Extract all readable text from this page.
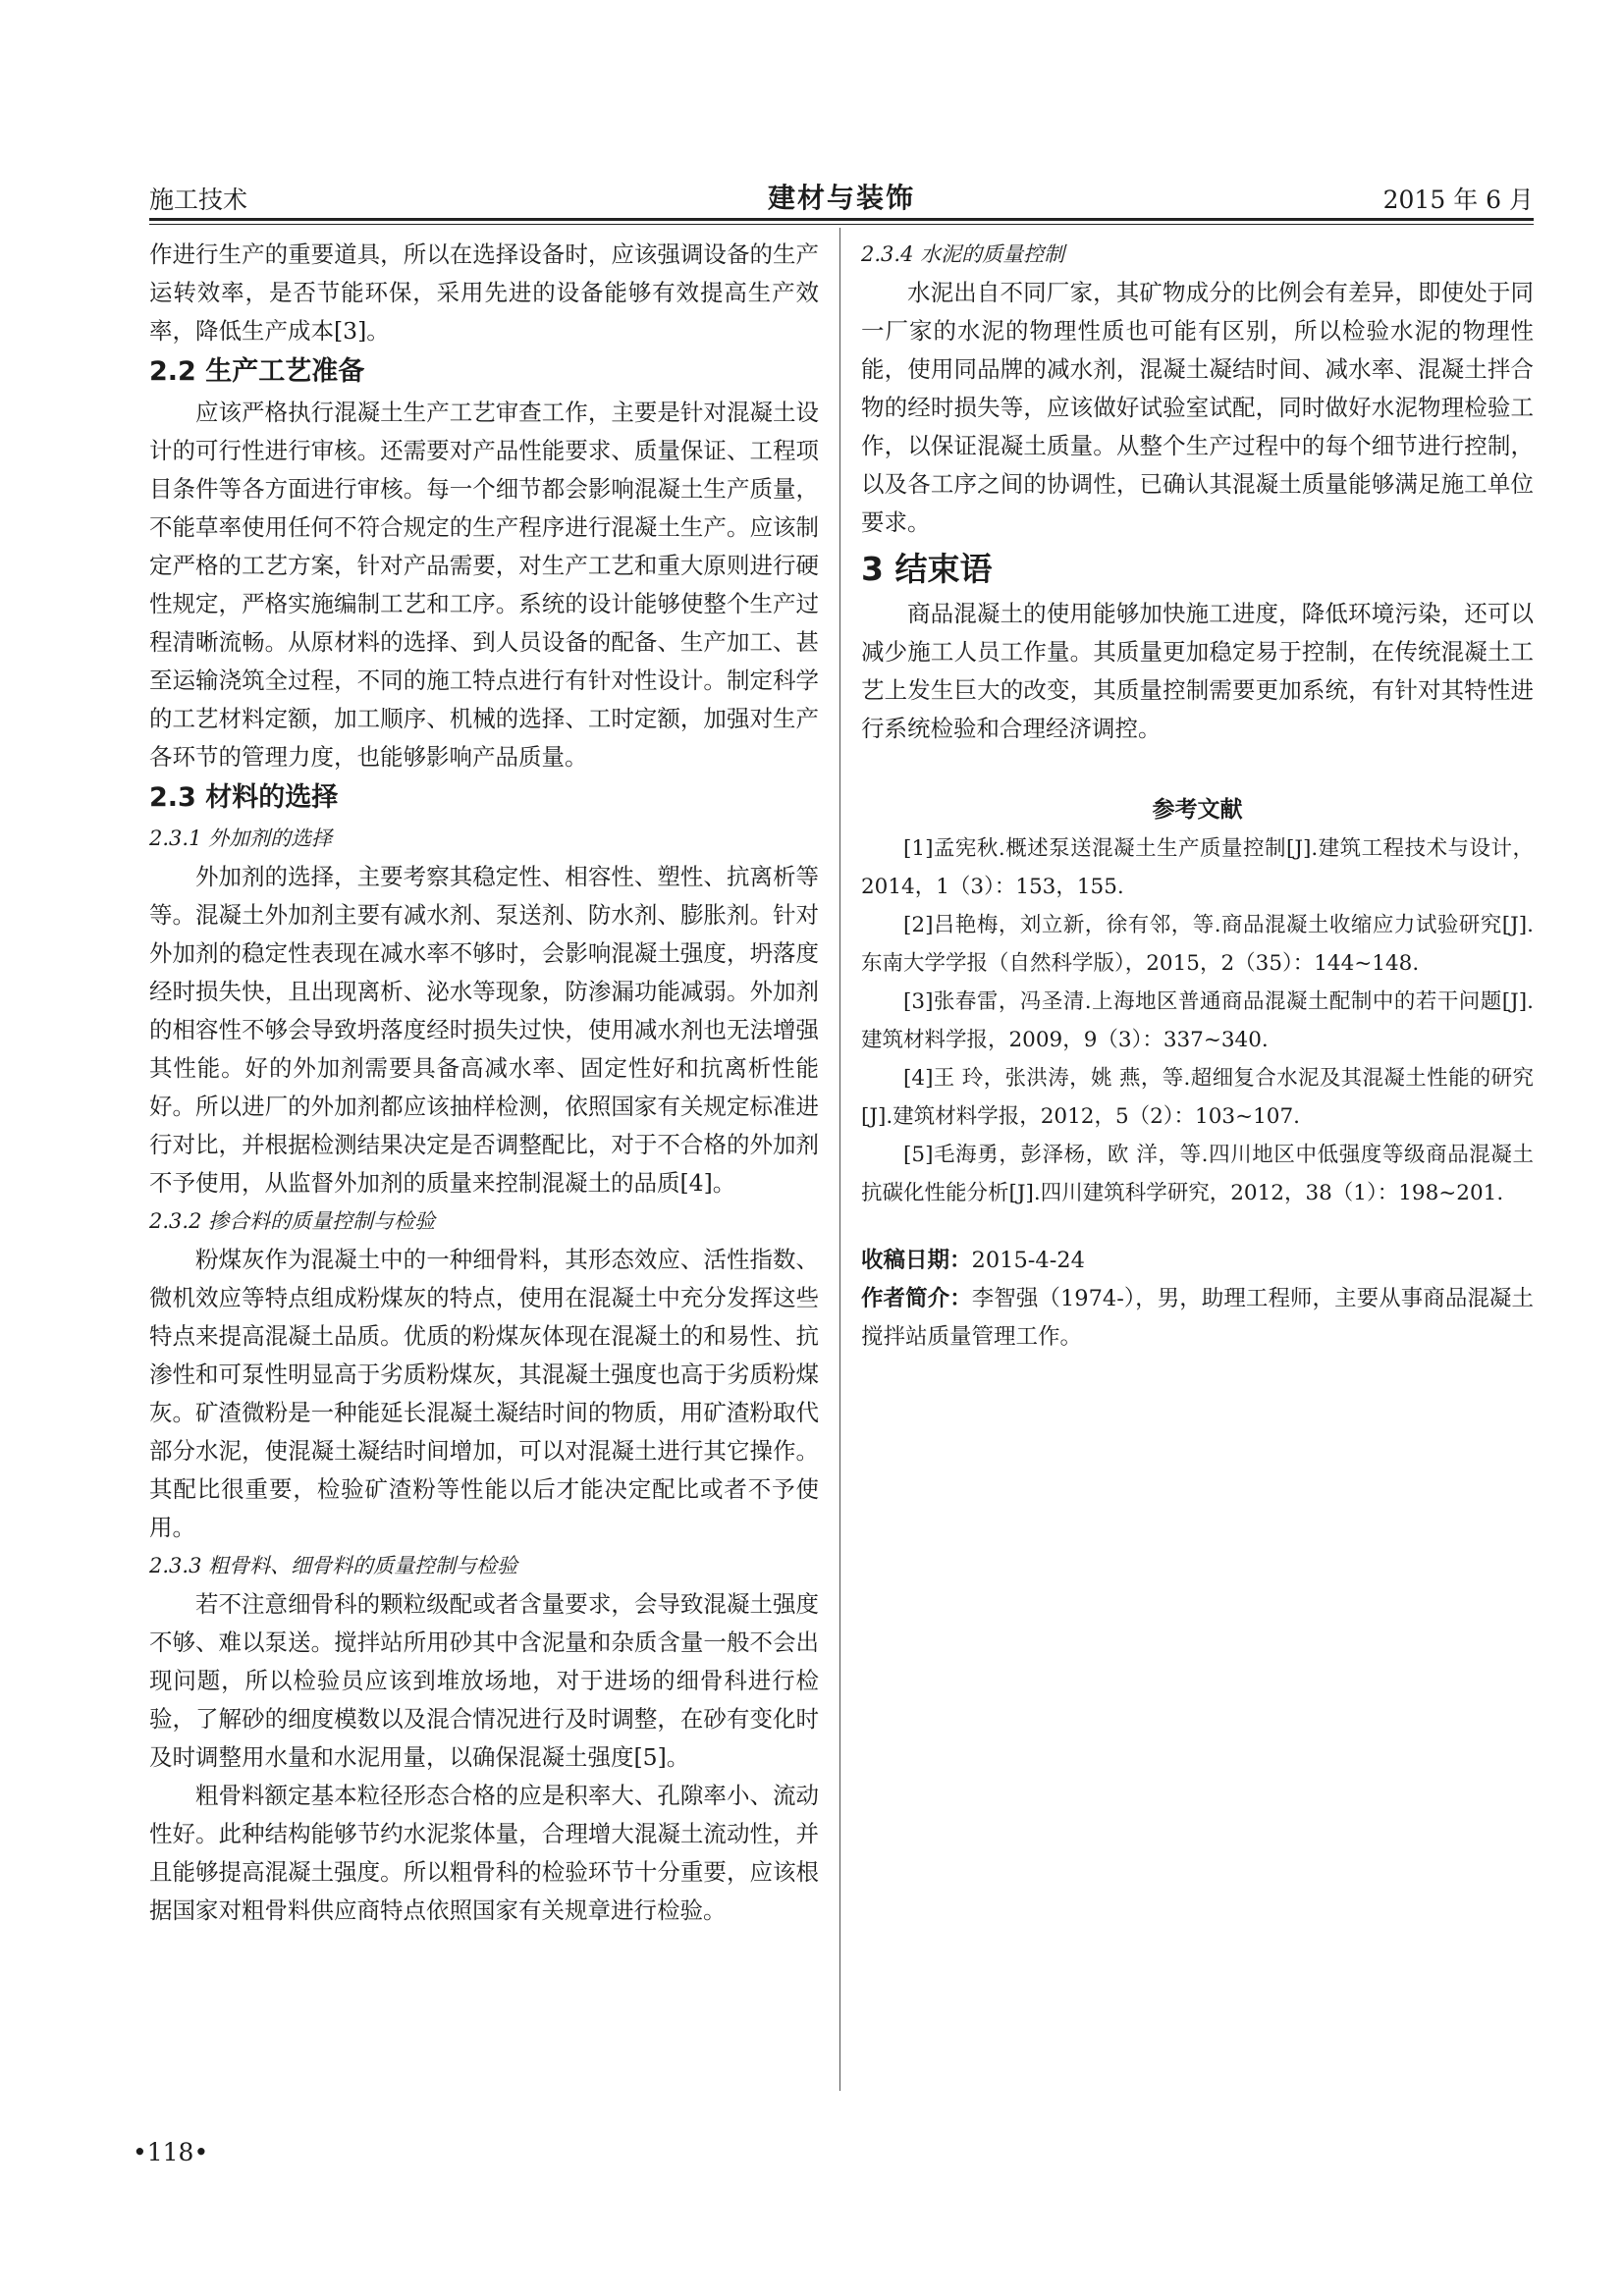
施工技术	建材与装饰	2015 年 6 月

作进行生产的重要道具，所以在选择设备时，应该强调设备的生产运转效率，是否节能环保，采用先进的设备能够有效提高生产效率，降低生产成本[3]。

2.2 生产工艺准备

应该严格执行混凝土生产工艺审查工作，主要是针对混凝土设计的可行性进行审核。还需要对产品性能要求、质量保证、工程项目条件等各方面进行审核。每一个细节都会影响混凝土生产质量，不能草率使用任何不符合规定的生产程序进行混凝土生产。应该制定严格的工艺方案，针对产品需要，对生产工艺和重大原则进行硬性规定，严格实施编制工艺和工序。系统的设计能够使整个生产过程清晰流畅。从原材料的选择、到人员设备的配备、生产加工、甚至运输浇筑全过程，不同的施工特点进行有针对性设计。制定科学的工艺材料定额，加工顺序、机械的选择、工时定额，加强对生产各环节的管理力度，也能够影响产品质量。

2.3 材料的选择
2.3.1 外加剂的选择

外加剂的选择，主要考察其稳定性、相容性、塑性、抗离析等等。混凝土外加剂主要有减水剂、泵送剂、防水剂、膨胀剂。针对外加剂的稳定性表现在减水率不够时，会影响混凝土强度，坍落度经时损失快，且出现离析、泌水等现象，防渗漏功能减弱。外加剂的相容性不够会导致坍落度经时损失过快，使用减水剂也无法增强其性能。好的外加剂需要具备高减水率、固定性好和抗离析性能好。所以进厂的外加剂都应该抽样检测，依照国家有关规定标准进行对比，并根据检测结果决定是否调整配比，对于不合格的外加剂不予使用，从监督外加剂的质量来控制混凝土的品质[4]。

2.3.2 掺合料的质量控制与检验

粉煤灰作为混凝土中的一种细骨料，其形态效应、活性指数、微机效应等特点组成粉煤灰的特点，使用在混凝土中充分发挥这些特点来提高混凝土品质。优质的粉煤灰体现在混凝土的和易性、抗渗性和可泵性明显高于劣质粉煤灰，其混凝土强度也高于劣质粉煤灰。矿渣微粉是一种能延长混凝土凝结时间的物质，用矿渣粉取代部分水泥，使混凝土凝结时间增加，可以对混凝土进行其它操作。其配比很重要，检验矿渣粉等性能以后才能决定配比或者不予使用。

2.3.3 粗骨料、细骨料的质量控制与检验

若不注意细骨科的颗粒级配或者含量要求，会导致混凝土强度不够、难以泵送。搅拌站所用砂其中含泥量和杂质含量一般不会出现问题，所以检验员应该到堆放场地，对于进场的细骨科进行检验，了解砂的细度模数以及混合情况进行及时调整，在砂有变化时及时调整用水量和水泥用量，以确保混凝土强度[5]。

粗骨料额定基本粒径形态合格的应是积率大、孔隙率小、流动性好。此种结构能够节约水泥浆体量，合理增大混凝土流动性，并且能够提高混凝土强度。所以粗骨科的检验环节十分重要，应该根据国家对粗骨料供应商特点依照国家有关规章进行检验。

2.3.4 水泥的质量控制

水泥出自不同厂家，其矿物成分的比例会有差异，即使处于同一厂家的水泥的物理性质也可能有区别，所以检验水泥的物理性能，使用同品牌的减水剂，混凝土凝结时间、减水率、混凝土拌合物的经时损失等，应该做好试验室试配，同时做好水泥物理检验工作，以保证混凝土质量。从整个生产过程中的每个细节进行控制，以及各工序之间的协调性，已确认其混凝土质量能够满足施工单位要求。

3 结束语

商品混凝土的使用能够加快施工进度，降低环境污染，还可以减少施工人员工作量。其质量更加稳定易于控制，在传统混凝土工艺上发生巨大的改变，其质量控制需要更加系统，有针对其特性进行系统检验和合理经济调控。

参考文献

[1]孟宪秋.概述泵送混凝土生产质量控制[J].建筑工程技术与设计，2014，1（3）：153，155.

[2]吕艳梅，刘立新，徐有邻，等.商品混凝土收缩应力试验研究[J].东南大学学报（自然科学版），2015，2（35）：144~148.

[3]张春雷，冯圣清.上海地区普通商品混凝土配制中的若干问题[J].建筑材料学报，2009，9（3）：337~340.

[4]王 玲，张洪涛，姚 燕，等.超细复合水泥及其混凝土性能的研究[J].建筑材料学报，2012，5（2）：103~107.

[5]毛海勇，彭泽杨，欧 洋，等.四川地区中低强度等级商品混凝土抗碳化性能分析[J].四川建筑科学研究，2012，38（1）：198~201.

收稿日期：2015-4-24
作者简介：李智强（1974-），男，助理工程师，主要从事商品混凝土搅拌站质量管理工作。
•118•
